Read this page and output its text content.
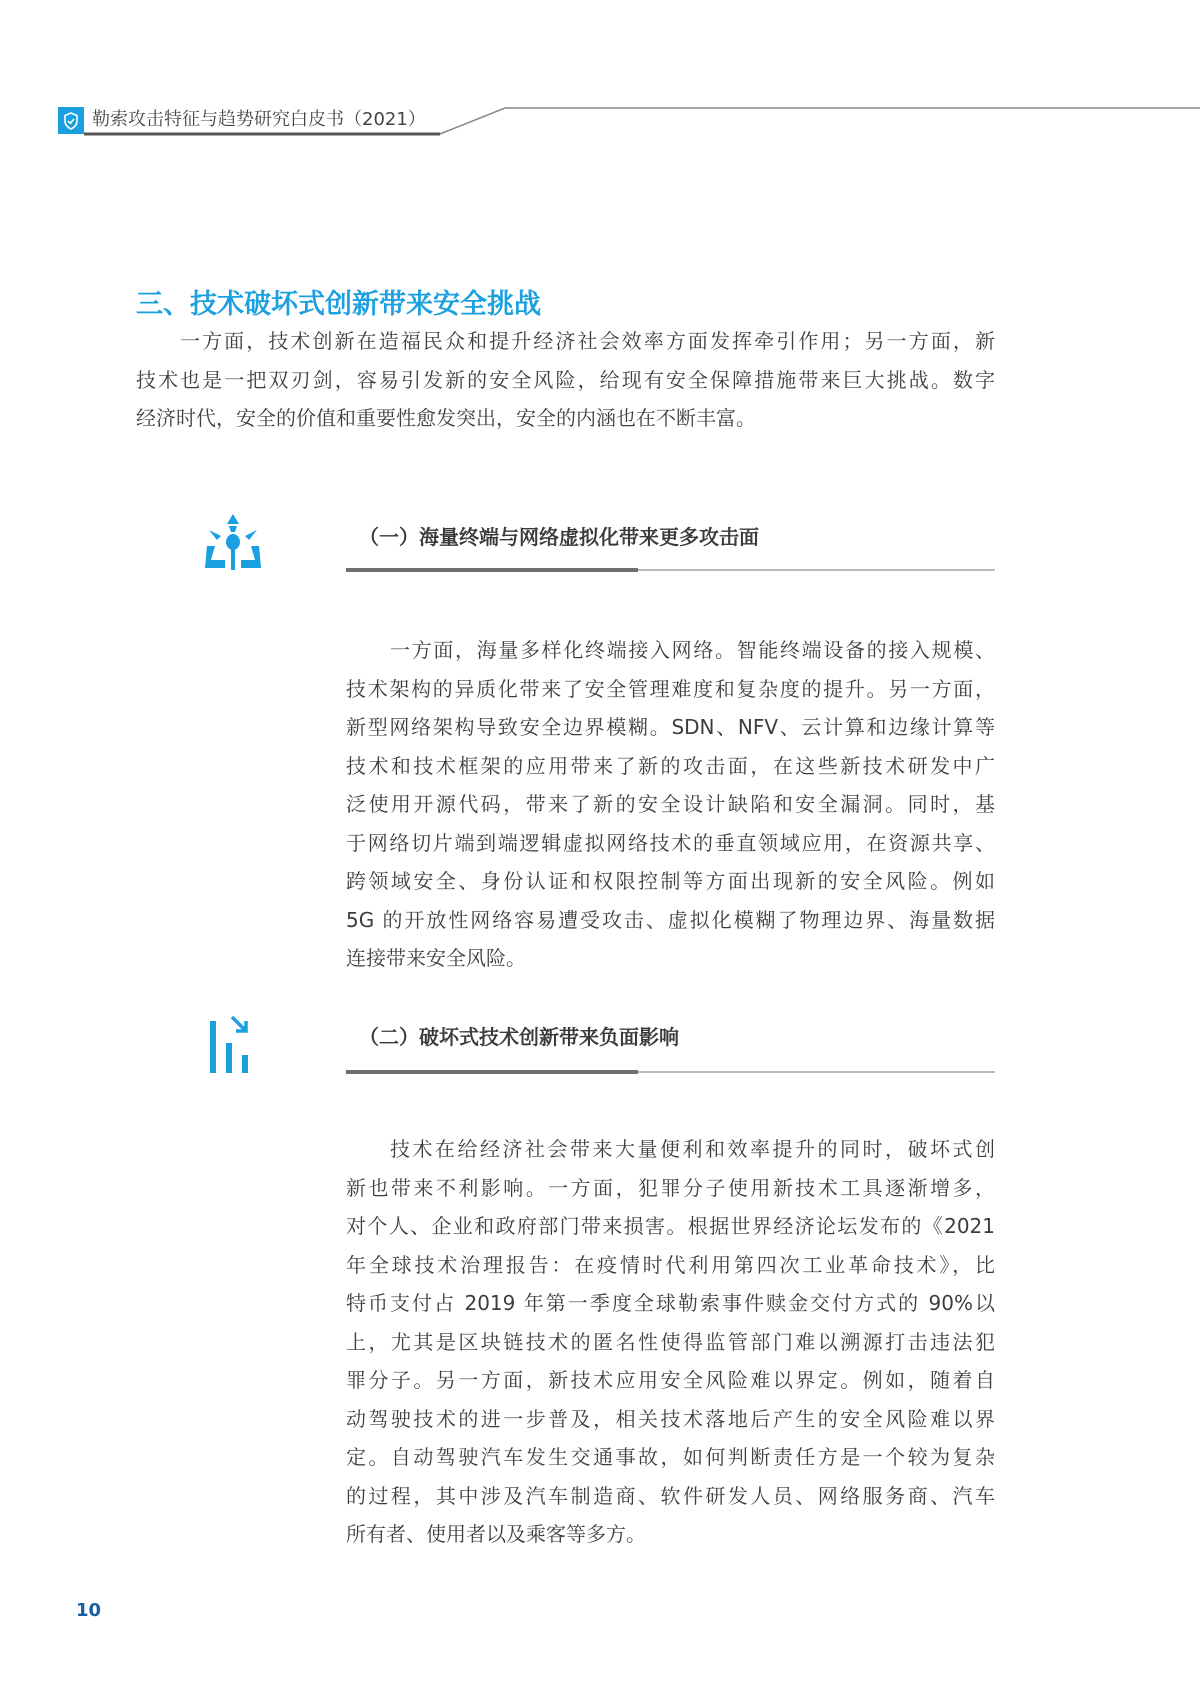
勒索攻击特征与趋势研究白皮书（2021）
三、技术破坏式创新带来安全挑战
一方面，技术创新在造福民众和提升经济社会效率方面发挥牵引作用；另一方面，新
技术也是一把双刃剑，容易引发新的安全风险，给现有安全保障措施带来巨大挑战。数字
经济时代，安全的价值和重要性愈发突出，安全的内涵也在不断丰富。
（一）海量终端与网络虚拟化带来更多攻击面
一方面，海量多样化终端接入网络。智能终端设备的接入规模、
技术架构的异质化带来了安全管理难度和复杂度的提升。另一方面，
新型网络架构导致安全边界模糊。SDN、NFV、云计算和边缘计算等
技术和技术框架的应用带来了新的攻击面，在这些新技术研发中广
泛使用开源代码，带来了新的安全设计缺陷和安全漏洞。同时，基
于网络切片端到端逻辑虚拟网络技术的垂直领域应用，在资源共享、
跨领域安全、身份认证和权限控制等方面出现新的安全风险。例如
5G 的开放性网络容易遭受攻击、虚拟化模糊了物理边界、海量数据
连接带来安全风险。
（二）破坏式技术创新带来负面影响
技术在给经济社会带来大量便利和效率提升的同时，破坏式创
新也带来不利影响。一方面，犯罪分子使用新技术工具逐渐增多，
对个人、企业和政府部门带来损害。根据世界经济论坛发布的《2021
年全球技术治理报告：在疫情时代利用第四次工业革命技术》，比
特币支付占 2019 年第一季度全球勒索事件赎金交付方式的 90%以
上，尤其是区块链技术的匿名性使得监管部门难以溯源打击违法犯
罪分子。另一方面，新技术应用安全风险难以界定。例如，随着自
动驾驶技术的进一步普及，相关技术落地后产生的安全风险难以界
定。自动驾驶汽车发生交通事故，如何判断责任方是一个较为复杂
的过程，其中涉及汽车制造商、软件研发人员、网络服务商、汽车
所有者、使用者以及乘客等多方。
10
